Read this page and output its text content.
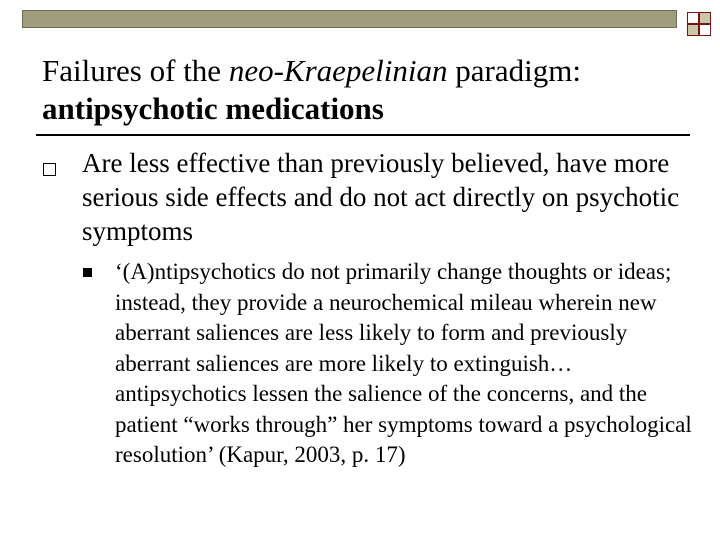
Failures of the neo-Kraepelinian paradigm:
antipsychotic medications
Are less effective than previously believed, have more serious side effects and do not act directly on psychotic symptoms
‘(A)ntipsychotics do not primarily change thoughts or ideas; instead, they provide a neurochemical mileau wherein new aberrant saliences are less likely to form and previously aberrant saliences are more likely to extinguish… antipsychotics lessen the salience of the concerns, and the patient “works through” her symptoms toward a psychological resolution’ (Kapur, 2003, p. 17)
